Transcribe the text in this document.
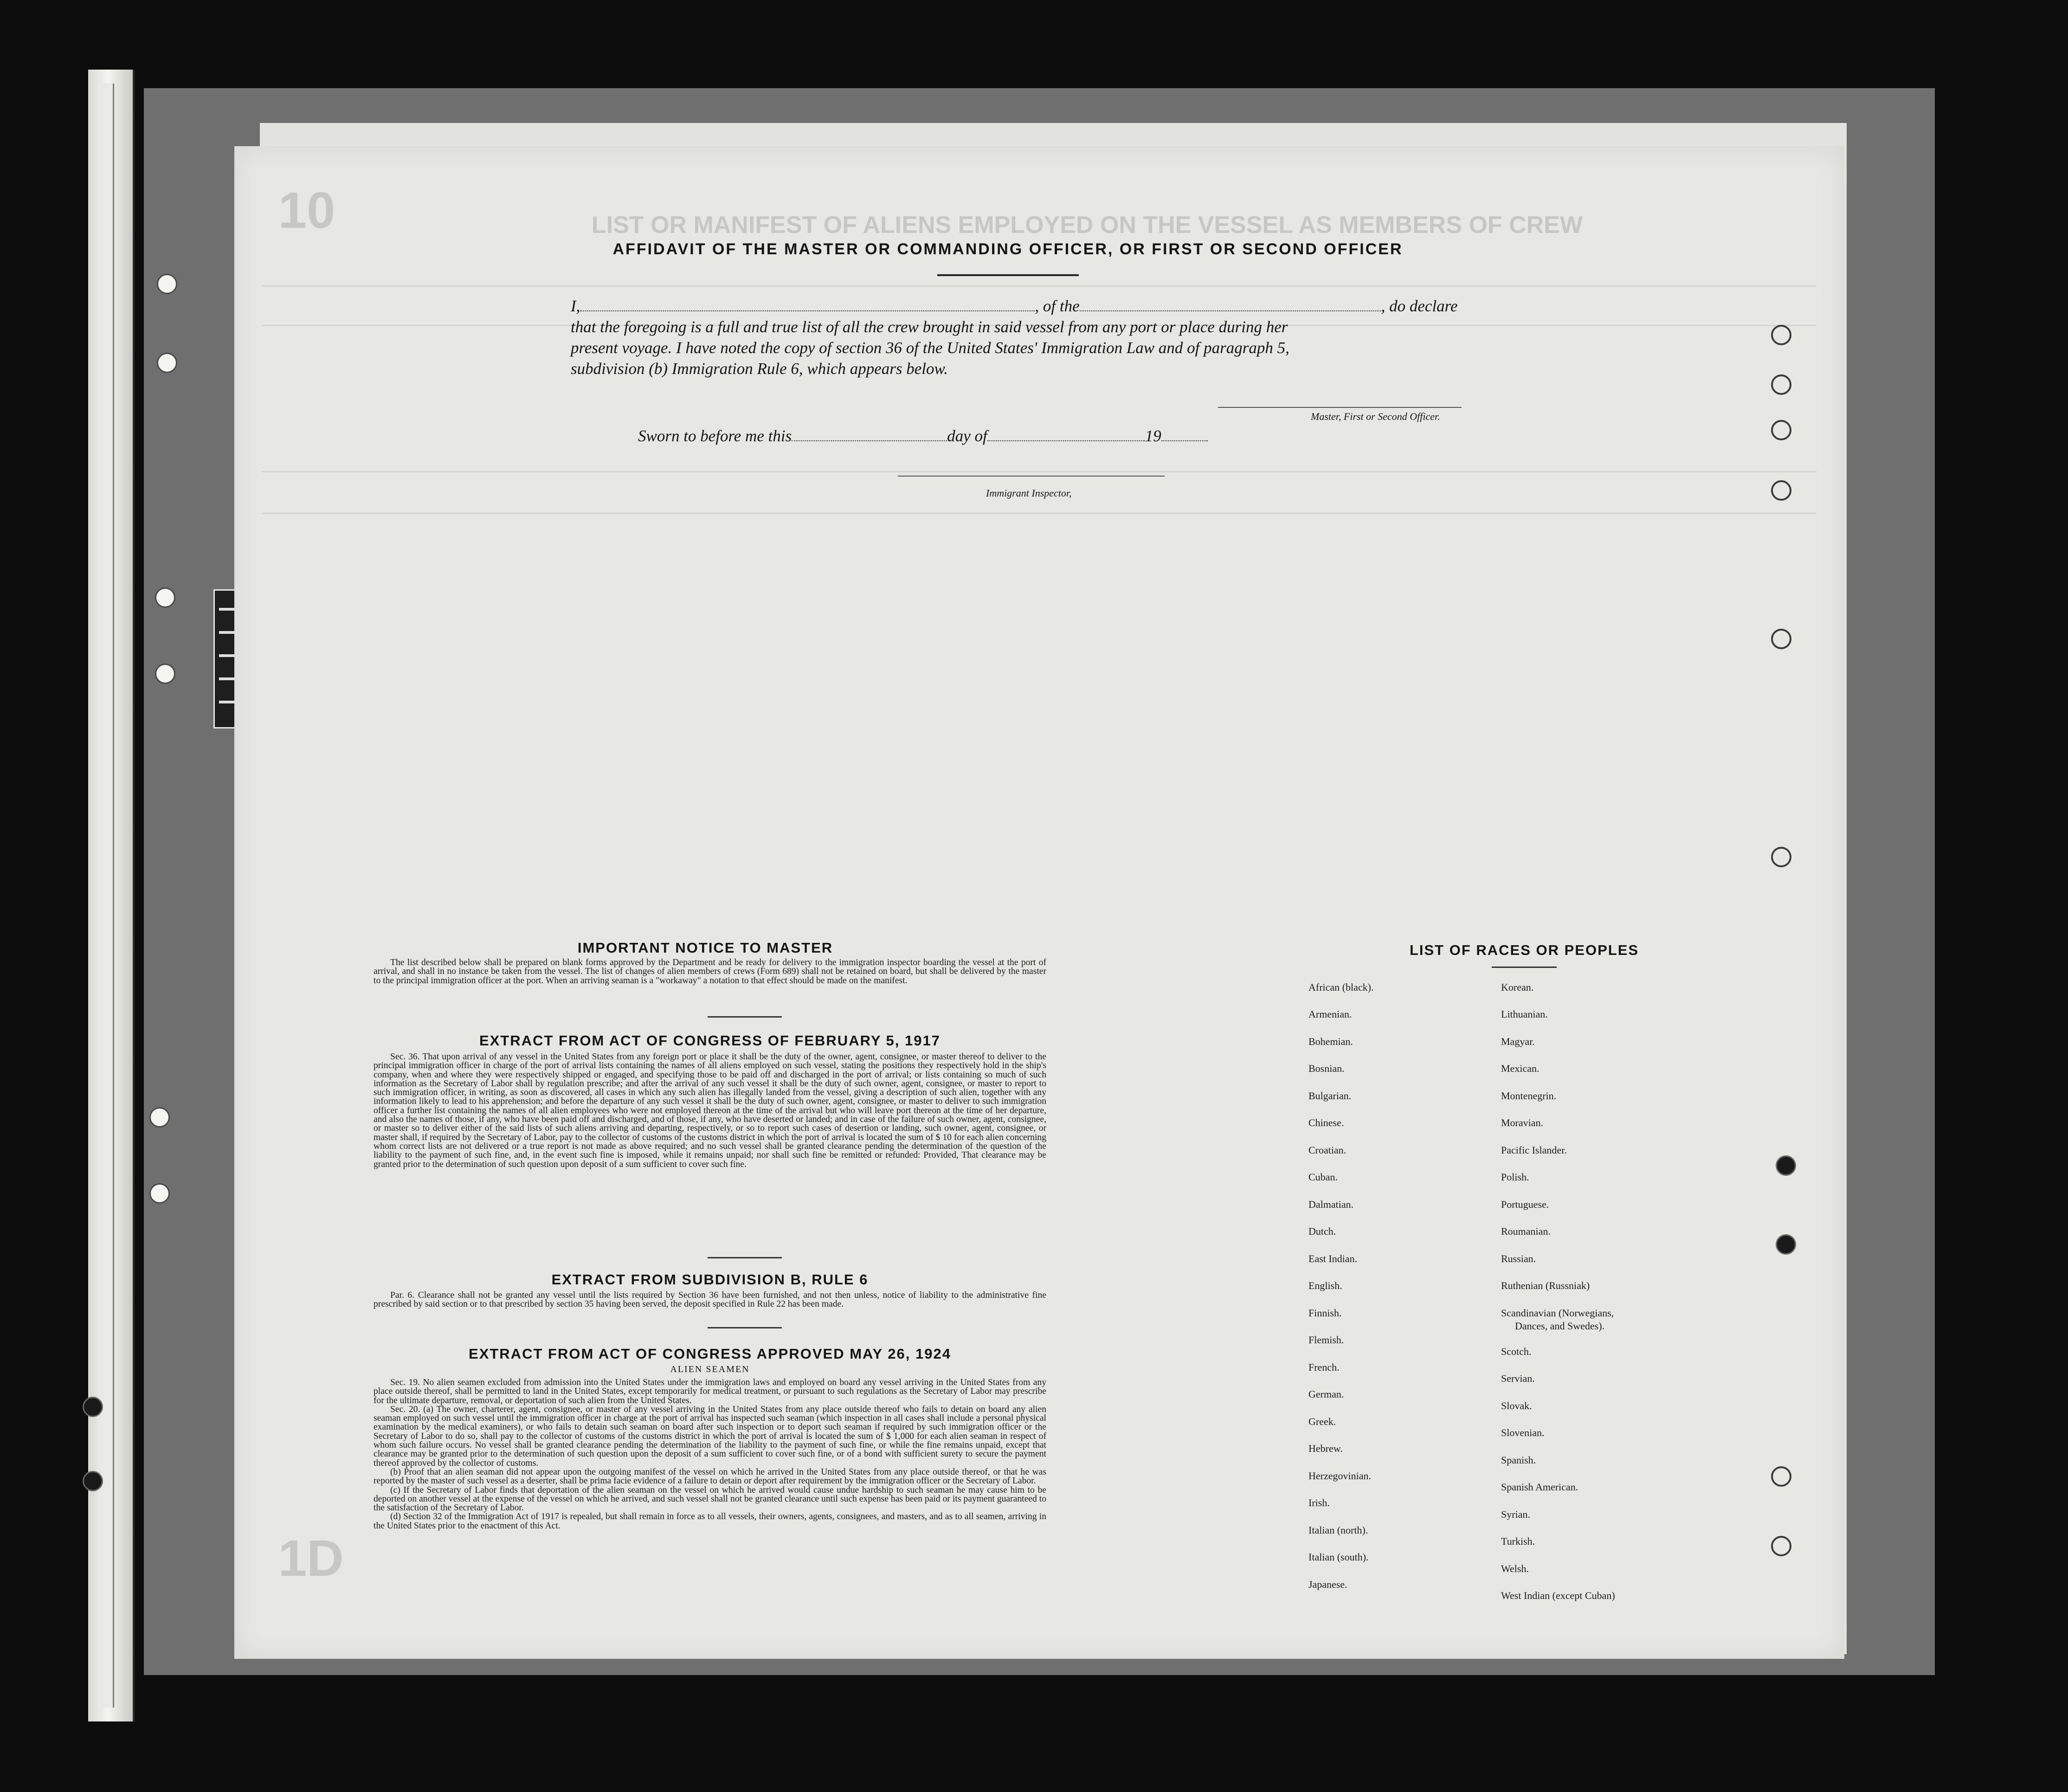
LIST OR MANIFEST OF ALIENS EMPLOYED ON THE VESSEL AS MEMBERS OF CREW
10
1D
AFFIDAVIT OF THE MASTER OR COMMANDING OFFICER, OR FIRST OR SECOND OFFICER
I,	, of the	, do declare
that the foregoing is a full and true list of all the crew brought in said vessel from any port or place during her
present voyage. I have noted the copy of section 36 of the United States' Immigration Law and of paragraph 5,
subdivision (b) Immigration Rule 6, which appears below.
Master, First or Second Officer.
Sworn to before me this	day of	19
Immigrant Inspector,
IMPORTANT NOTICE TO MASTER

The list described below shall be prepared on blank forms approved by the Department and be ready for delivery to the immigration inspector boarding the vessel at the port of arrival, and shall in no instance be taken from the vessel. The list of changes of alien members of crews (Form 689) shall not be retained on board, but shall be delivered by the master to the principal immigration officer at the port. When an arriving seaman is a "workaway" a notation to that effect should be made on the manifest.

EXTRACT FROM ACT OF CONGRESS OF FEBRUARY 5, 1917

Sec. 36. That upon arrival of any vessel in the United States from any foreign port or place it shall be the duty of the owner, agent, consignee, or master thereof to deliver to the principal immigration officer in charge of the port of arrival lists containing the names of all aliens employed on such vessel, stating the positions they respectively hold in the ship's company, when and where they were respectively shipped or engaged, and specifying those to be paid off and discharged in the port of arrival; or lists containing so much of such information as the Secretary of Labor shall by regulation prescribe; and after the arrival of any such vessel it shall be the duty of such owner, agent, consignee, or master to report to such immigration officer, in writing, as soon as discovered, all cases in which any such alien has illegally landed from the vessel, giving a description of such alien, together with any information likely to lead to his apprehension; and before the departure of any such vessel it shall be the duty of such owner, agent, consignee, or master to deliver to such immigration officer a further list containing the names of all alien employees who were not employed thereon at the time of the arrival but who will leave port thereon at the time of her departure, and also the names of those, if any, who have been paid off and discharged, and of those, if any, who have deserted or landed; and in case of the failure of such owner, agent, consignee, or master so to deliver either of the said lists of such aliens arriving and departing, respectively, or so to report such cases of desertion or landing, such owner, agent, consignee, or master shall, if required by the Secretary of Labor, pay to the collector of customs of the customs district in which the port of arrival is located the sum of $ 10 for each alien concerning whom correct lists are not delivered or a true report is not made as above required; and no such vessel shall be granted clearance pending the determination of the question of the liability to the payment of such fine, and, in the event such fine is imposed, while it remains unpaid; nor shall such fine be remitted or refunded: Provided, That clearance may be granted prior to the determination of such question upon deposit of a sum sufficient to cover such fine.

EXTRACT FROM SUBDIVISION B, RULE 6

Par. 6. Clearance shall not be granted any vessel until the lists required by Section 36 have been furnished, and not then unless, notice of liability to the administrative fine prescribed by said section or to that prescribed by section 35 having been served, the deposit specified in Rule 22 has been made.

EXTRACT FROM ACT OF CONGRESS APPROVED MAY 26, 1924
ALIEN SEAMEN

Sec. 19. No alien seamen excluded from admission into the United States under the immigration laws and employed on board any vessel arriving in the United States from any place outside thereof, shall be permitted to land in the United States, except temporarily for medical treatment, or pursuant to such regulations as the Secretary of Labor may prescribe for the ultimate departure, removal, or deportation of such alien from the United States.

Sec. 20. (a) The owner, charterer, agent, consignee, or master of any vessel arriving in the United States from any place outside thereof who fails to detain on board any alien seaman employed on such vessel until the immigration officer in charge at the port of arrival has inspected such seaman (which inspection in all cases shall include a personal physical examination by the medical examiners), or who fails to detain such seaman on board after such inspection or to deport such seaman if required by such immigration officer or the Secretary of Labor to do so, shall pay to the collector of customs of the customs district in which the port of arrival is located the sum of $ 1,000 for each alien seaman in respect of whom such failure occurs. No vessel shall be granted clearance pending the determination of the liability to the payment of such fine, or while the fine remains unpaid, except that clearance may be granted prior to the determination of such question upon the deposit of a sum sufficient to cover such fine, or of a bond with sufficient surety to secure the payment thereof approved by the collector of customs.

(b) Proof that an alien seaman did not appear upon the outgoing manifest of the vessel on which he arrived in the United States from any place outside thereof, or that he was reported by the master of such vessel as a deserter, shall be prima facie evidence of a failure to detain or deport after requirement by the immigration officer or the Secretary of Labor.

(c) If the Secretary of Labor finds that deportation of the alien seaman on the vessel on which he arrived would cause undue hardship to such seaman he may cause him to be deported on another vessel at the expense of the vessel on which he arrived, and such vessel shall not be granted clearance until such expense has been paid or its payment guaranteed to the satisfaction of the Secretary of Labor.

(d) Section 32 of the Immigration Act of 1917 is repealed, but shall remain in force as to all vessels, their owners, agents, consignees, and masters, and as to all seamen, arriving in the United States prior to the enactment of this Act.

LIST OF RACES OR PEOPLES
African (black).
Armenian.
Bohemian.
Bosnian.
Bulgarian.
Chinese.
Croatian.
Cuban.
Dalmatian.
Dutch.
East Indian.
English.
Finnish.
Flemish.
French.
German.
Greek.
Hebrew.
Herzegovinian.
Irish.
Italian (north).
Italian (south).
Japanese.
Korean.
Lithuanian.
Magyar.
Mexican.
Montenegrin.
Moravian.
Pacific Islander.
Polish.
Portuguese.
Roumanian.
Russian.
Ruthenian (Russniak)
Scandinavian (Norwegians,
Dances, and Swedes).
Scotch.
Servian.
Slovak.
Slovenian.
Spanish.
Spanish American.
Syrian.
Turkish.
Welsh.
West Indian (except Cuban)
